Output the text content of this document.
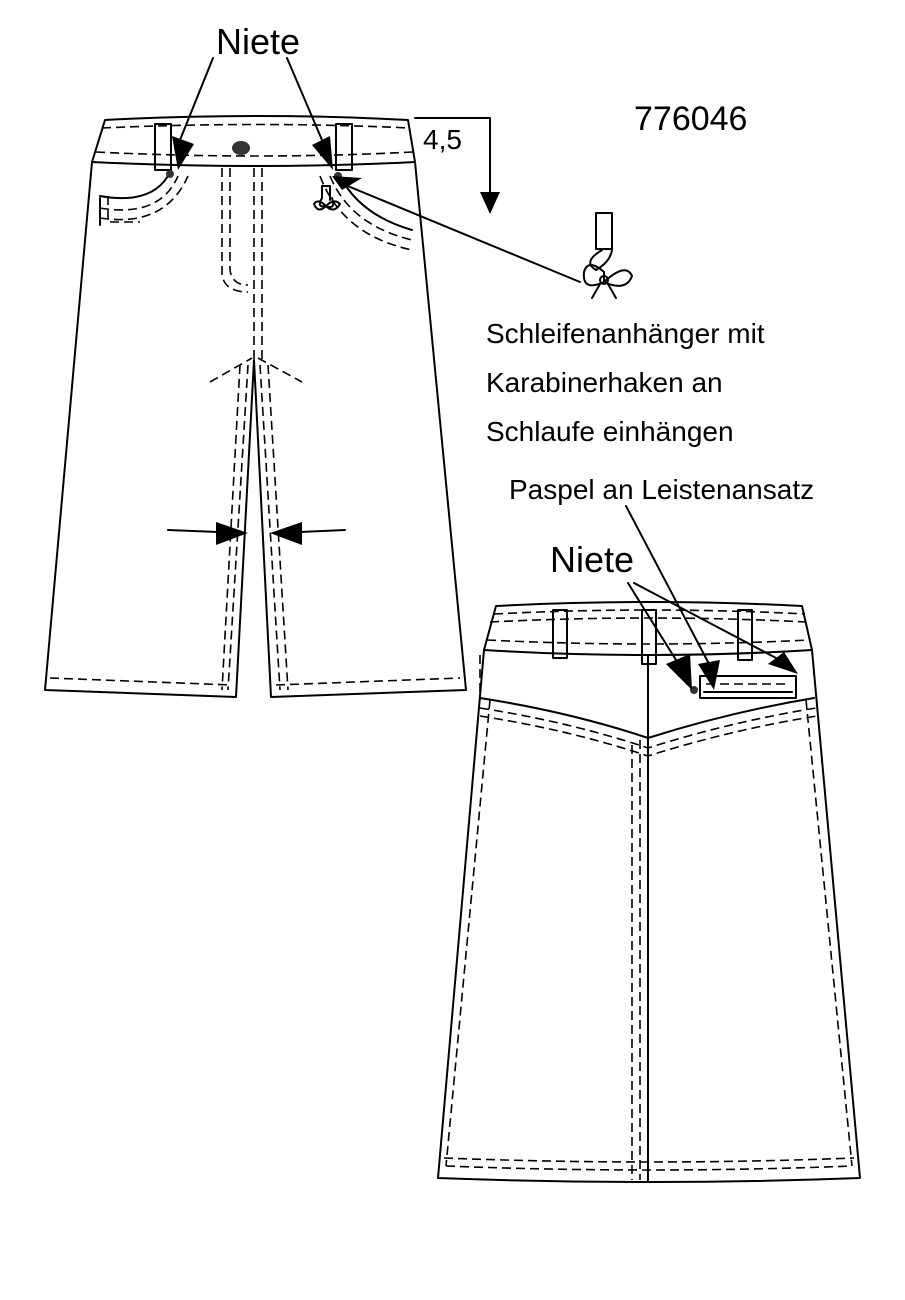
Niete
776046
4,5
Schleifenanhänger mit
Karabinerhaken an
Schlaufe einhängen
Paspel an Leistenansatz
Niete
